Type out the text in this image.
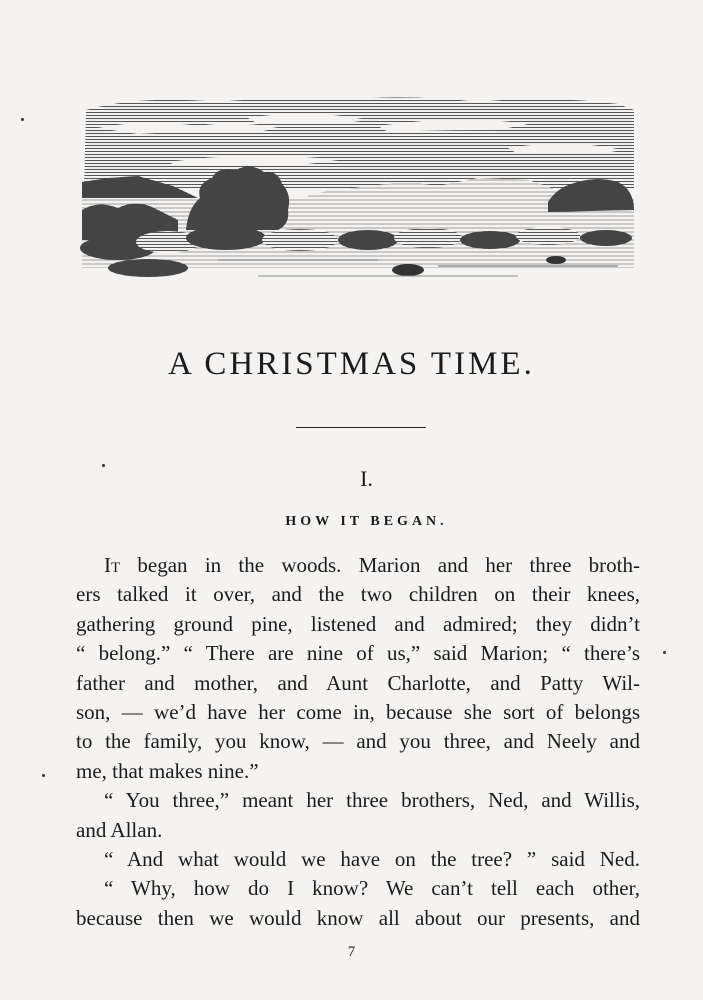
A CHRISTMAS TIME.
I.
HOW IT BEGAN.
It began in the woods. Marion and her three broth-
ers talked it over, and the two children on their knees,
gathering ground pine, listened and admired; they didn’t
“ belong.” “ There are nine of us,” said Marion; “ there’s
father and mother, and Aunt Charlotte, and Patty Wil-
son, — we’d have her come in, because she sort of belongs
to the family, you know, — and you three, and Neely and
me, that makes nine.”
“ You three,” meant her three brothers, Ned, and Willis,
and Allan.
“ And what would we have on the tree? ” said Ned.
“ Why, how do I know? We can’t tell each other,
because then we would know all about our presents, and
7
